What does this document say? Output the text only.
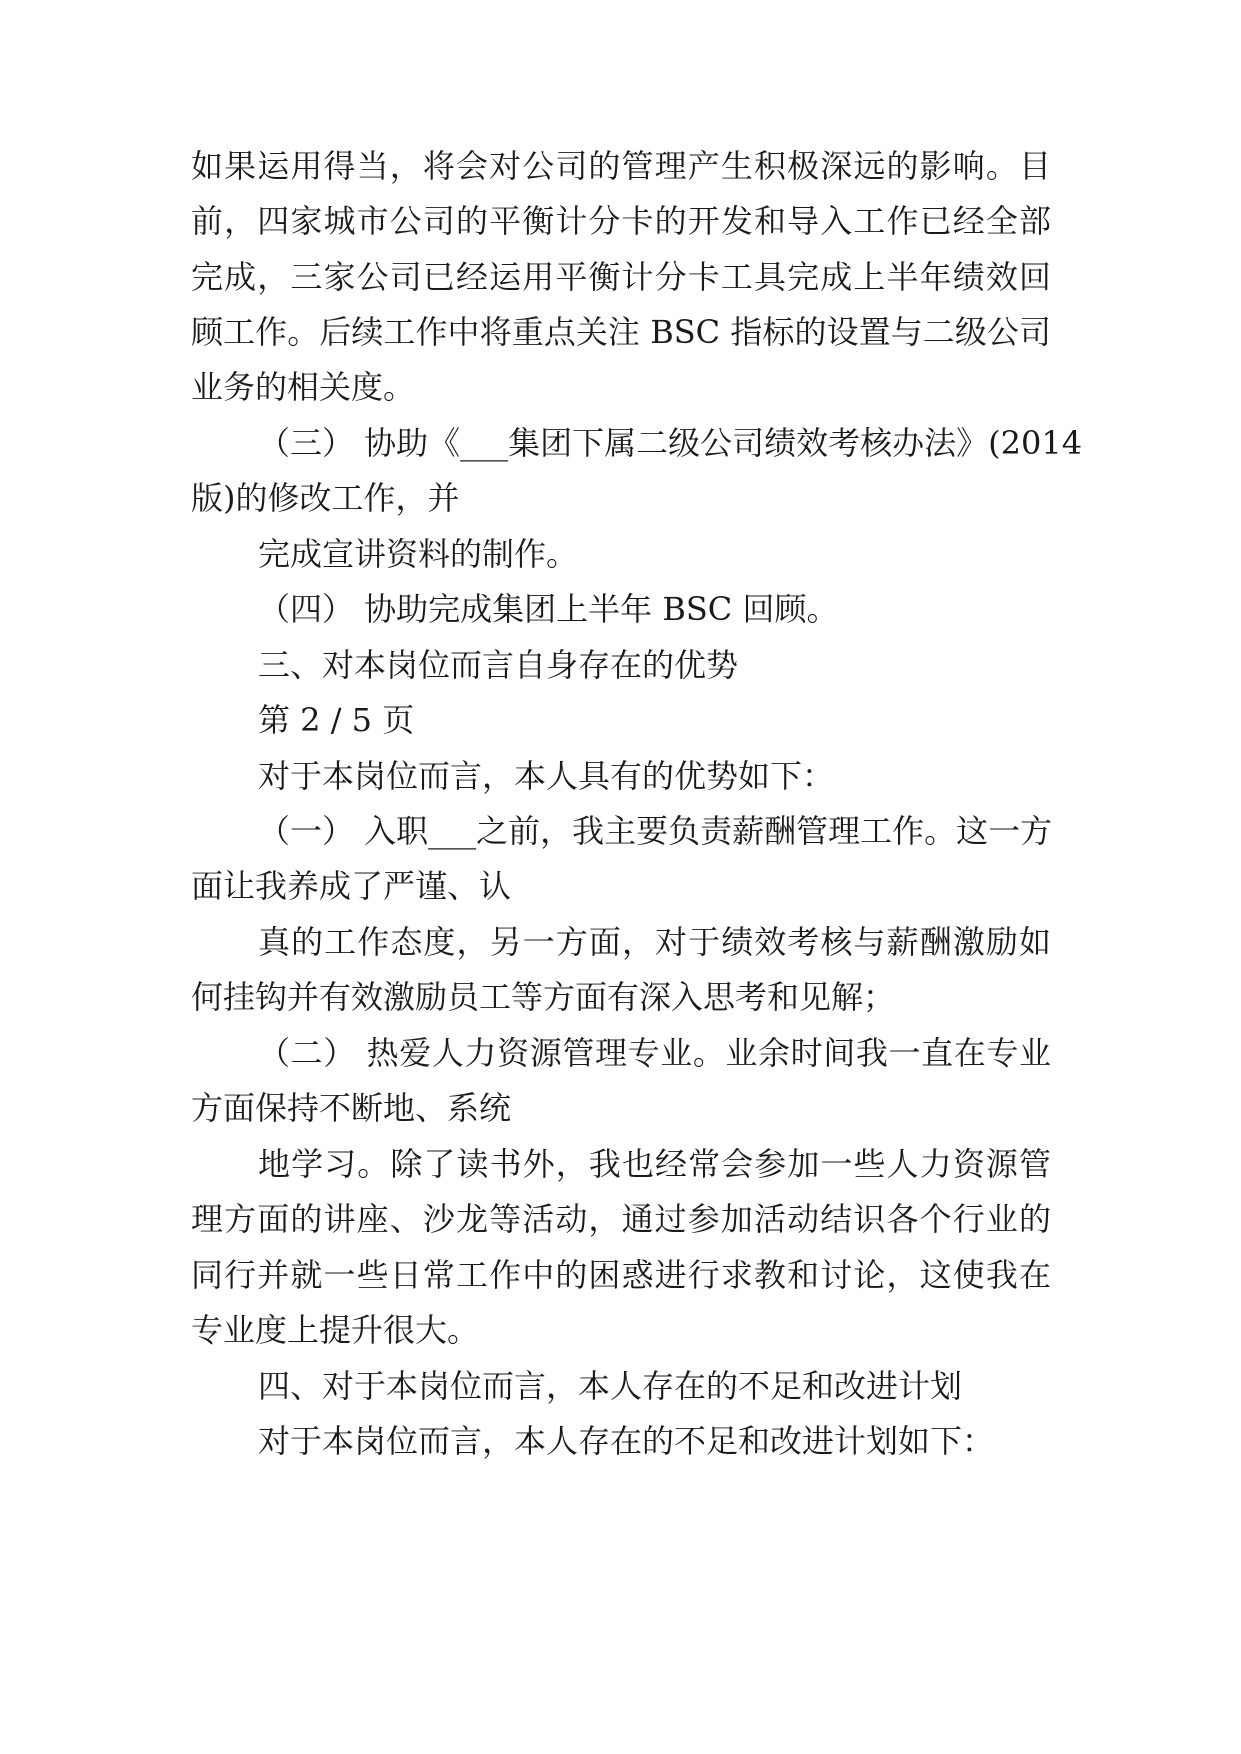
如果运用得当，将会对公司的管理产生积极深远的影响。目
前，四家城市公司的平衡计分卡的开发和导入工作已经全部
完成，三家公司已经运用平衡计分卡工具完成上半年绩效回
顾工作。后续工作中将重点关注 BSC 指标的设置与二级公司
业务的相关度。
（三） 协助《___集团下属二级公司绩效考核办法》(2014
版)的修改工作，并
完成宣讲资料的制作。
（四） 协助完成集团上半年 BSC 回顾。
三、对本岗位而言自身存在的优势
第 2 / 5 页
对于本岗位而言，本人具有的优势如下：
（一） 入职___之前，我主要负责薪酬管理工作。这一方
面让我养成了严谨、认
真的工作态度，另一方面，对于绩效考核与薪酬激励如
何挂钩并有效激励员工等方面有深入思考和见解；
（二） 热爱人力资源管理专业。业余时间我一直在专业
方面保持不断地、系统
地学习。除了读书外，我也经常会参加一些人力资源管
理方面的讲座、沙龙等活动，通过参加活动结识各个行业的
同行并就一些日常工作中的困惑进行求教和讨论，这使我在
专业度上提升很大。
四、对于本岗位而言，本人存在的不足和改进计划
对于本岗位而言，本人存在的不足和改进计划如下：
